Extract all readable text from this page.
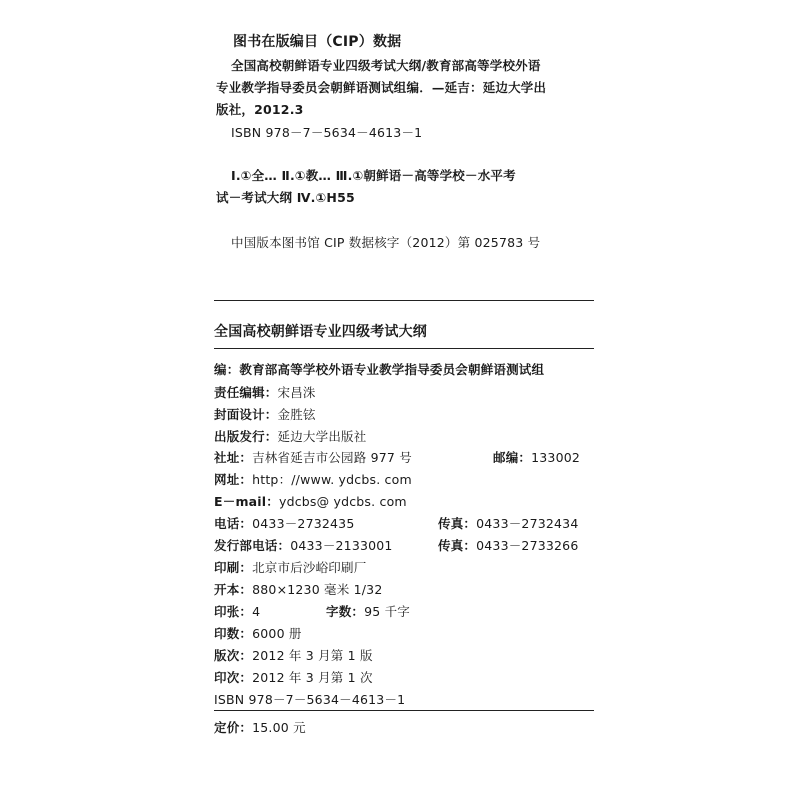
图书在版编目（CIP）数据
全国高校朝鲜语专业四级考试大纲/教育部高等学校外语
专业教学指导委员会朝鲜语测试组编．—延吉：延边大学出
版社，2012.3
ISBN 978－7－5634－4613－1
Ⅰ.①全… Ⅱ.①教… Ⅲ.①朝鲜语－高等学校－水平考
试－考试大纲 Ⅳ.①H55
中国版本图书馆 CIP 数据核字（2012）第 025783 号
全国高校朝鲜语专业四级考试大纲
编：教育部高等学校外语专业教学指导委员会朝鲜语测试组
责任编辑：宋昌洙
封面设计：金胜铉
出版发行：延边大学出版社
社址：吉林省延吉市公园路 977 号	邮编：133002
网址：http：//www. ydcbs. com
E－mail：ydcbs@ ydcbs. com
电话：0433－2732435	传真：0433－2732434
发行部电话：0433－2133001	传真：0433－2733266
印刷：北京市后沙峪印刷厂
开本：880×1230 毫米 1/32
印张：4	字数：95 千字
印数：6000 册
版次：2012 年 3 月第 1 版
印次：2012 年 3 月第 1 次
ISBN 978－7－5634－4613－1
定价：15.00 元
